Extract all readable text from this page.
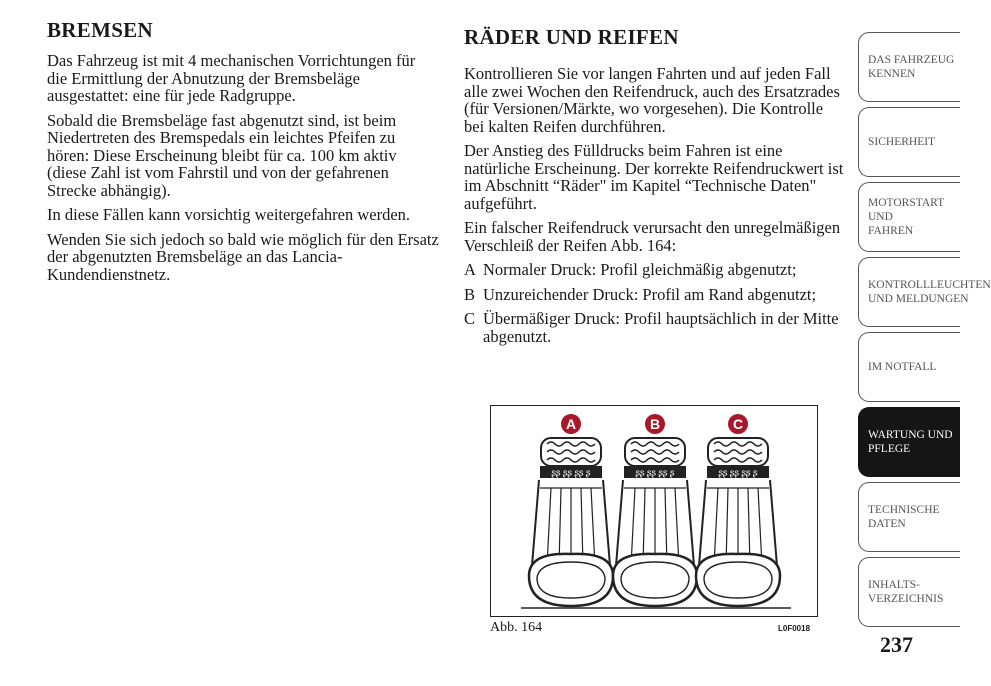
BREMSEN

Das Fahrzeug ist mit 4 mechanischen Vorrichtungen für die Ermittlung der Abnutzung der Bremsbeläge ausgestattet: eine für jede Radgruppe.

Sobald die Bremsbeläge fast abgenutzt sind, ist beim Niedertreten des Bremspedals ein leichtes Pfeifen zu hören: Diese Erscheinung bleibt für ca. 100 km aktiv (diese Zahl ist vom Fahrstil und von der gefahrenen Strecke abhängig).

In diese Fällen kann vorsichtig weitergefahren werden.

Wenden Sie sich jedoch so bald wie möglich für den Ersatz der abgenutzten Bremsbeläge an das Lancia-Kundendienstnetz.

RÄDER UND REIFEN

Kontrollieren Sie vor langen Fahrten und auf jeden Fall alle zwei Wochen den Reifendruck, auch des Ersatzrades (für Versionen/Märkte, wo vorgesehen). Die Kontrolle bei kalten Reifen durchführen.

Der Anstieg des Fülldrucks beim Fahren ist eine natürliche Erscheinung. Der korrekte Reifendruckwert ist im Abschnitt “Räder" im Kapitel “Technische Daten" aufgeführt.

Ein falscher Reifendruck verursacht den unregelmäßigen Verschleiß der Reifen Abb. 164:

A Normaler Druck: Profil gleichmäßig abgenutzt;
B Unzureichender Druck: Profil am Rand abgenutzt;
C Übermäßiger Druck: Profil hauptsächlich in der Mitte abgenutzt.
ʂʂ ʂʂ ʂʂ ʂ
A	B	C
Abb. 164	L0F0018
DAS FAHRZEUG
KENNEN
SICHERHEIT
MOTORSTART UND
FAHREN
KONTROLLLEUCHTEN
UND MELDUNGEN
IM NOTFALL
WARTUNG UND
PFLEGE
TECHNISCHE
DATEN
INHALTS-
VERZEICHNIS
237
